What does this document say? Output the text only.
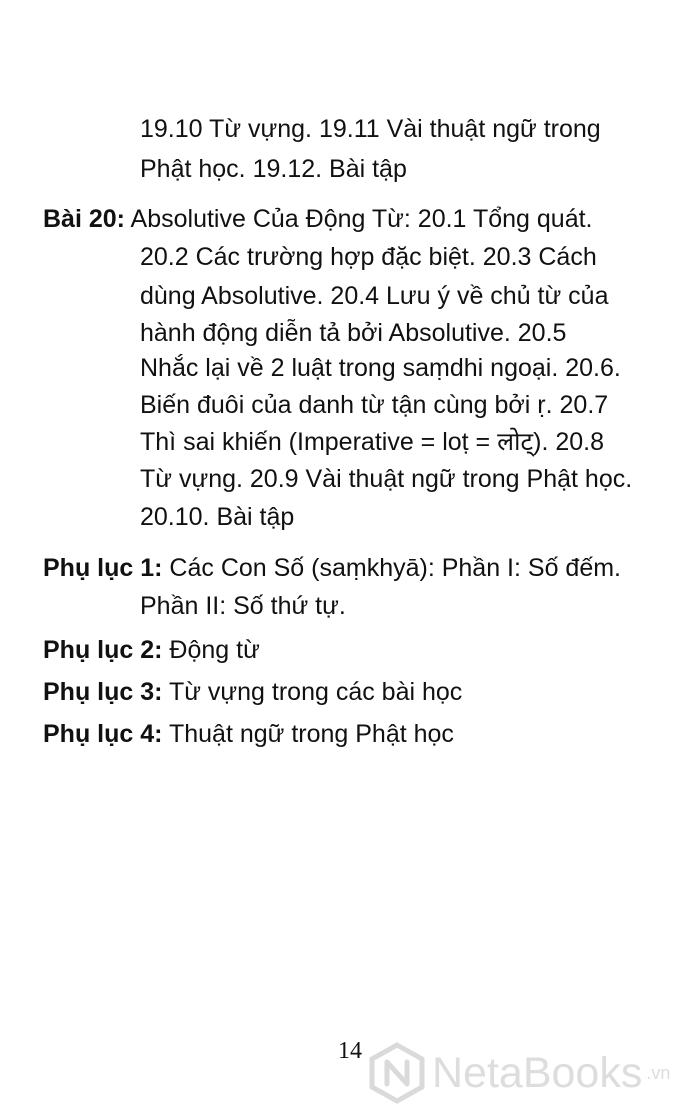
19.10 Từ vựng. 19.11 Vài thuật ngữ trong
Phật học. 19.12. Bài tập
Bài 20: Absolutive Của Động Từ: 20.1 Tổng quát.
20.2 Các trường hợp đặc biệt. 20.3 Cách
dùng Absolutive. 20.4 Lưu ý về chủ từ của
hành động diễn tả bởi Absolutive. 20.5
Nhắc lại về 2 luật trong saṃdhi ngoại. 20.6.
Biến đuôi của danh từ tận cùng bởi ṛ. 20.7
Thì sai khiến (Imperative = loṭ = लोट्). 20.8
Từ vựng. 20.9 Vài thuật ngữ trong Phật học.
20.10. Bài tập
Phụ lục 1: Các Con Số (saṃkhyā): Phần I: Số đếm.
Phần II: Số thứ tự.
Phụ lục 2: Động từ
Phụ lục 3: Từ vựng trong các bài học
Phụ lục 4: Thuật ngữ trong Phật học
14	NetaBooks .vn
